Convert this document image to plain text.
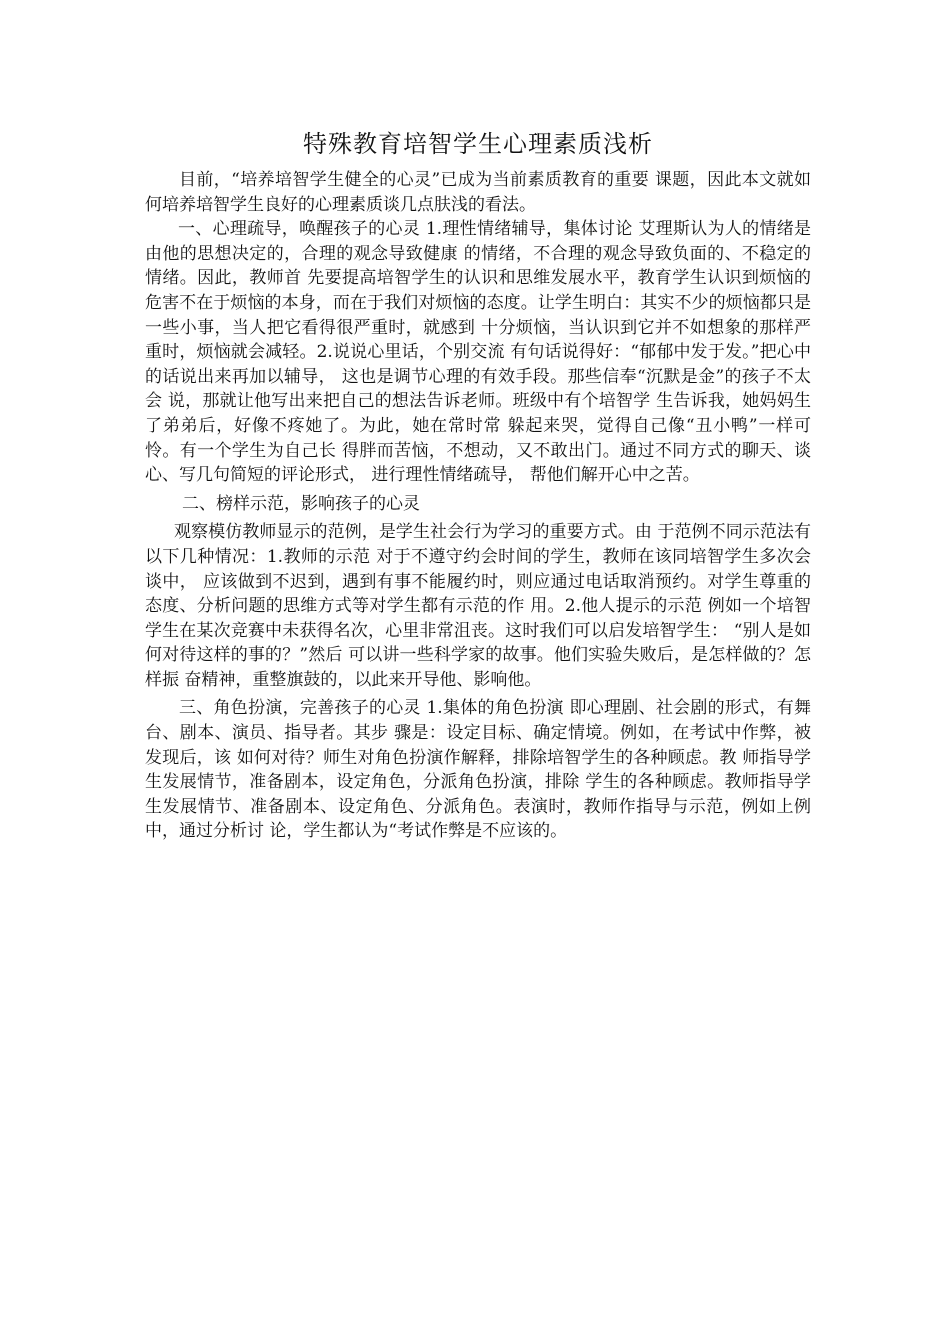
特殊教育培智学生心理素质浅析

目前，“培养培智学生健全的心灵”已成为当前素质教育的重要 课题，因此本文就如何培养培智学生良好的心理素质谈几点肤浅的看法。

一、心理疏导，唤醒孩子的心灵 1.理性情绪辅导，集体讨论 艾理斯认为人的情绪是由他的思想决定的，合理的观念导致健康 的情绪，不合理的观念导致负面的、不稳定的情绪。因此，教师首 先要提高培智学生的认识和思维发展水平，教育学生认识到烦恼的 危害不在于烦恼的本身，而在于我们对烦恼的态度。让学生明白：其实不少的烦恼都只是一些小事，当人把它看得很严重时，就感到 十分烦恼，当认识到它并不如想象的那样严重时，烦恼就会减轻。2.说说心里话，个别交流 有句话说得好：“郁郁中发于发。”把心中的话说出来再加以辅导， 这也是调节心理的有效手段。那些信奉“沉默是金”的孩子不太会 说，那就让他写出来把自己的想法告诉老师。班级中有个培智学 生告诉我，她妈妈生了弟弟后，好像不疼她了。为此，她在常时常 躲起来哭，觉得自己像“丑小鸭”一样可怜。有一个学生为自己长 得胖而苦恼，不想动，又不敢出门。通过不同方式的聊天、谈心、写几句简短的评论形式， 进行理性情绪疏导， 帮他们解开心中之苦。

二、榜样示范，影响孩子的心灵

观察模仿教师显示的范例，是学生社会行为学习的重要方式。由 于范例不同示范法有以下几种情况：1.教师的示范 对于不遵守约会时间的学生，教师在该同培智学生多次会谈中， 应该做到不迟到，遇到有事不能履约时，则应通过电话取消预约。对学生尊重的态度、分析问题的思维方式等对学生都有示范的作 用。2.他人提示的示范 例如一个培智学生在某次竞赛中未获得名次，心里非常沮丧。这时我们可以启发培智学生： “别人是如何对待这样的事的？”然后 可以讲一些科学家的故事。他们实验失败后，是怎样做的？怎样振 奋精神，重整旗鼓的，以此来开导他、影响他。

三、角色扮演，完善孩子的心灵 1.集体的角色扮演 即心理剧、社会剧的形式，有舞台、剧本、演员、指导者。其步 骤是：设定目标、确定情境。例如，在考试中作弊，被发现后，该 如何对待？师生对角色扮演作解释，排除培智学生的各种顾虑。教 师指导学生发展情节，准备剧本，设定角色，分派角色扮演，排除 学生的各种顾虑。教师指导学生发展情节、准备剧本、设定角色、分派角色。表演时，教师作指导与示范，例如上例中，通过分析讨 论，学生都认为“考试作弊是不应该的。
